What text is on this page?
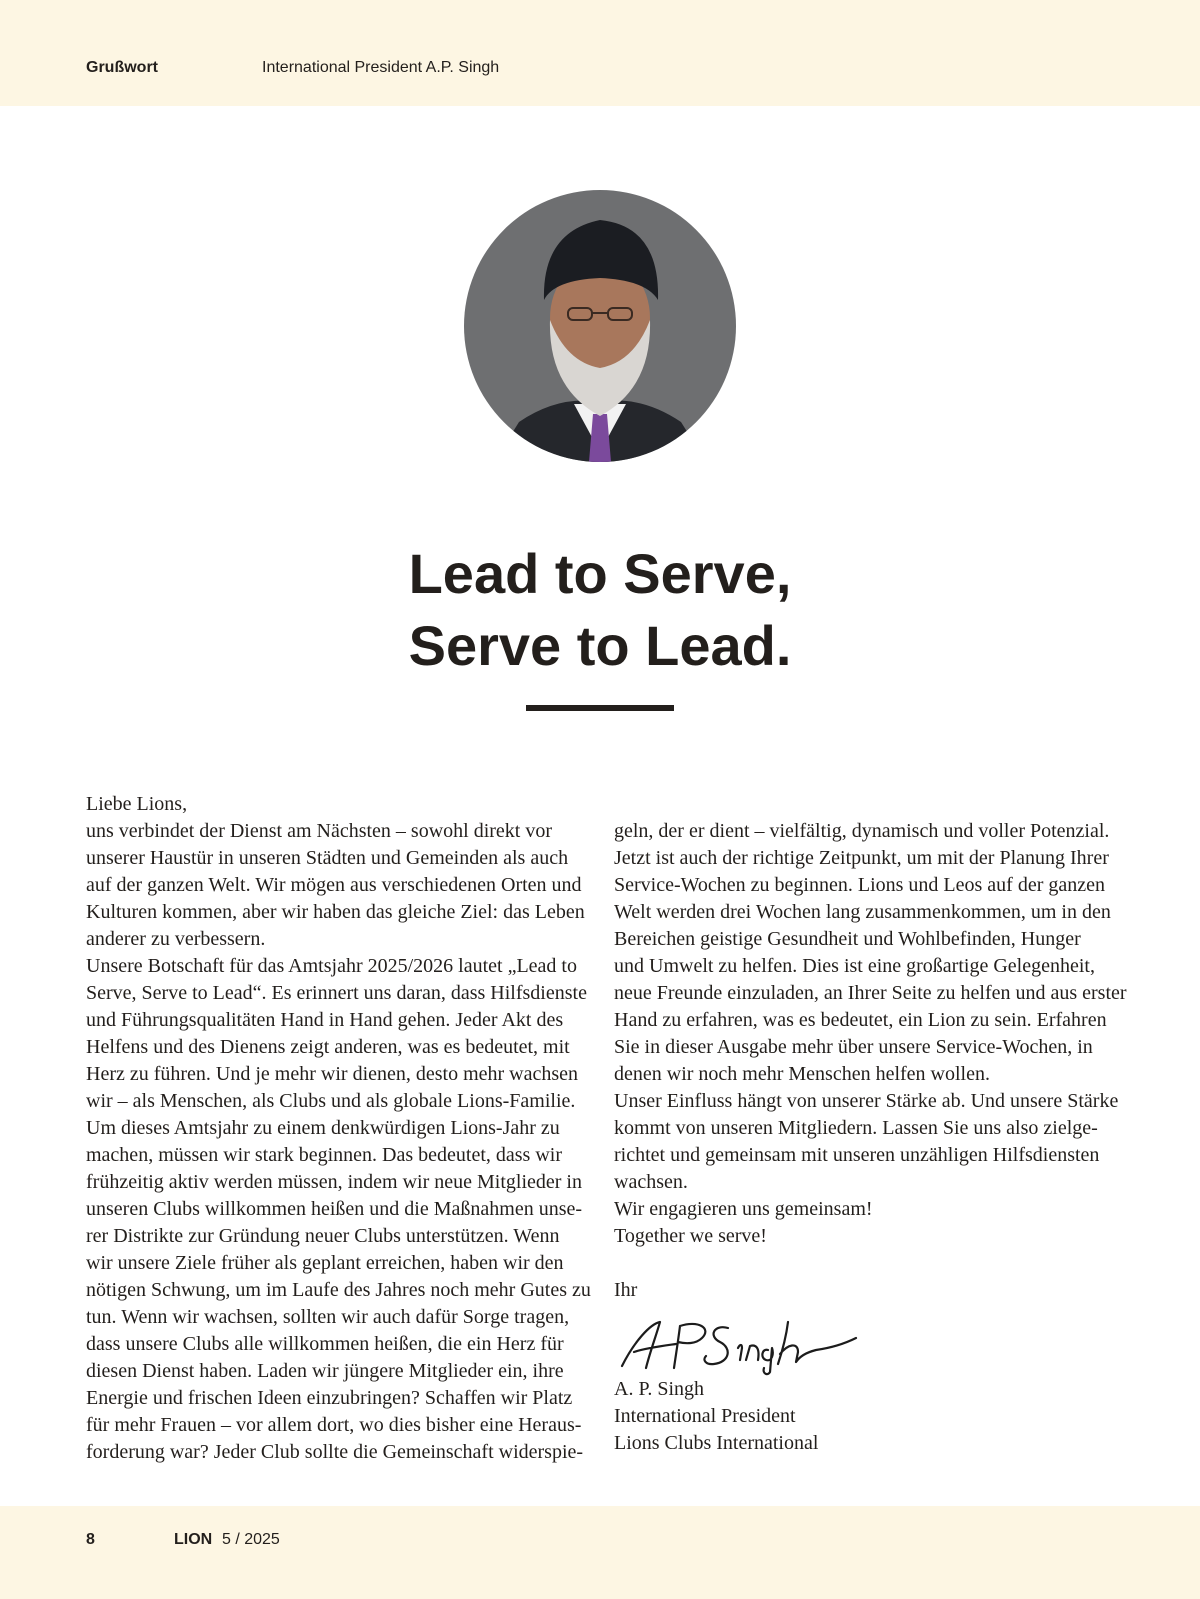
Grußwort	International President A.P. Singh
Lead to Serve,
Serve to Lead.
Liebe Lions,
uns verbindet der Dienst am Nächsten – sowohl direkt vor
unserer Haustür in unseren Städten und Gemeinden als auch
auf der ganzen Welt. Wir mögen aus verschiedenen Orten und
Kulturen kommen, aber wir haben das gleiche Ziel: das Leben
anderer zu verbessern.
Unsere Botschaft für das Amtsjahr 2025/2026 lautet „Lead to
Serve, Serve to Lead“. Es erinnert uns daran, dass Hilfsdienste
und Führungsqualitäten Hand in Hand gehen. Jeder Akt des
Helfens und des Dienens zeigt anderen, was es bedeutet, mit
Herz zu führen. Und je mehr wir dienen, desto mehr wachsen
wir – als Menschen, als Clubs und als globale Lions-Familie.
Um dieses Amtsjahr zu einem denkwürdigen Lions-Jahr zu
machen, müssen wir stark beginnen. Das bedeutet, dass wir
frühzeitig aktiv werden müssen, indem wir neue Mitglieder in
unseren Clubs willkommen heißen und die Maßnahmen unse-
rer Distrikte zur Gründung neuer Clubs unterstützen. Wenn
wir unsere Ziele früher als geplant erreichen, haben wir den
nötigen Schwung, um im Laufe des Jahres noch mehr Gutes zu
tun. Wenn wir wachsen, sollten wir auch dafür Sorge tragen,
dass unsere Clubs alle willkommen heißen, die ein Herz für
diesen Dienst haben. Laden wir jüngere Mitglieder ein, ihre
Energie und frischen Ideen einzubringen? Schaffen wir Platz
für mehr Frauen – vor allem dort, wo dies bisher eine Heraus-
forderung war? Jeder Club sollte die Gemeinschaft widerspie-
geln, der er dient – vielfältig, dynamisch und voller Potenzial.
Jetzt ist auch der richtige Zeitpunkt, um mit der Planung Ihrer
Service-Wochen zu beginnen. Lions und Leos auf der ganzen
Welt werden drei Wochen lang zusammenkommen, um in den
Bereichen geistige Gesundheit und Wohlbefinden, Hunger
und Umwelt zu helfen. Dies ist eine großartige Gelegenheit,
neue Freunde einzuladen, an Ihrer Seite zu helfen und aus erster
Hand zu erfahren, was es bedeutet, ein Lion zu sein. Erfahren
Sie in dieser Ausgabe mehr über unsere Service-Wochen, in
denen wir noch mehr Menschen helfen wollen.
Unser Einfluss hängt von unserer Stärke ab. Und unsere Stärke
kommt von unseren Mitgliedern. Lassen Sie uns also zielge-
richtet und gemeinsam mit unseren unzähligen Hilfsdiensten
wachsen.
Wir engagieren uns gemeinsam!
Together we serve!
Ihr
A. P. Singh
International President
Lions Clubs International
8	LION 5 / 2025
